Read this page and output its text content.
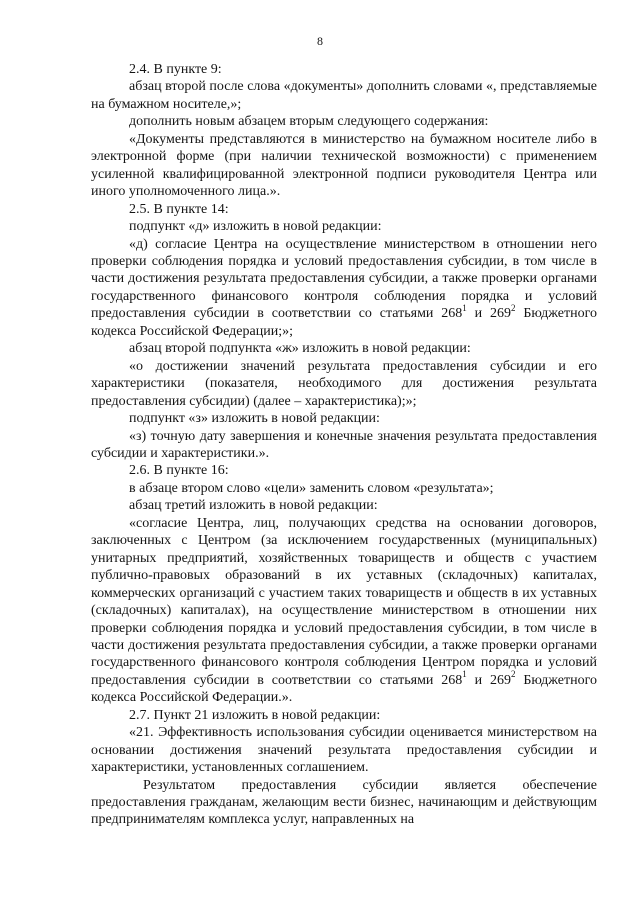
8

2.4. В пункте 9:

абзац второй после слова «документы» дополнить словами «, представляемые на бумажном носителе,»;

дополнить новым абзацем вторым следующего содержания:

«Документы представляются в министерство на бумажном носителе либо в электронной форме (при наличии технической возможности) с применением усиленной квалифицированной электронной подписи руководителя Центра или иного уполномоченного лица.».

2.5. В пункте 14:

подпункт «д» изложить в новой редакции:

«д) согласие Центра на осуществление министерством в отношении него проверки соблюдения порядка и условий предоставления субсидии, в том числе в части достижения результата предоставления субсидии, а также проверки органами государственного финансового контроля соблюдения порядка и условий предоставления субсидии в соответствии со статьями $268^1$ и $269^2$ Бюджетного кодекса Российской Федерации;»;

абзац второй подпункта «ж» изложить в новой редакции:

«о достижении значений результата предоставления субсидии и его характеристики (показателя, необходимого для достижения результата предоставления субсидии) (далее – характеристика);»;

подпункт «з» изложить в новой редакции:

«з) точную дату завершения и конечные значения результата предоставления субсидии и характеристики.».

2.6. В пункте 16:

в абзаце втором слово «цели» заменить словом «результата»;

абзац третий изложить в новой редакции:

«согласие Центра, лиц, получающих средства на основании договоров, заключенных с Центром (за исключением государственных (муниципальных) унитарных предприятий, хозяйственных товариществ и обществ с участием публично-правовых образований в их уставных (складочных) капиталах, коммерческих организаций с участием таких товариществ и обществ в их уставных (складочных) капиталах), на осуществление министерством в отношении них проверки соблюдения порядка и условий предоставления субсидии, в том числе в части достижения результата предоставления субсидии, а также проверки органами государственного финансового контроля соблюдения Центром порядка и условий предоставления субсидии в соответствии со статьями $268^1$ и $269^2$ Бюджетного кодекса Российской Федерации.».

2.7. Пункт 21 изложить в новой редакции:

«21. Эффективность использования субсидии оценивается министерством на основании достижения значений результата предоставления субсидии и характеристики, установленных соглашением.

Результатом предоставления субсидии является обеспечение предоставления гражданам, желающим вести бизнес, начинающим и действующим предпринимателям комплекса услуг, направленных на
